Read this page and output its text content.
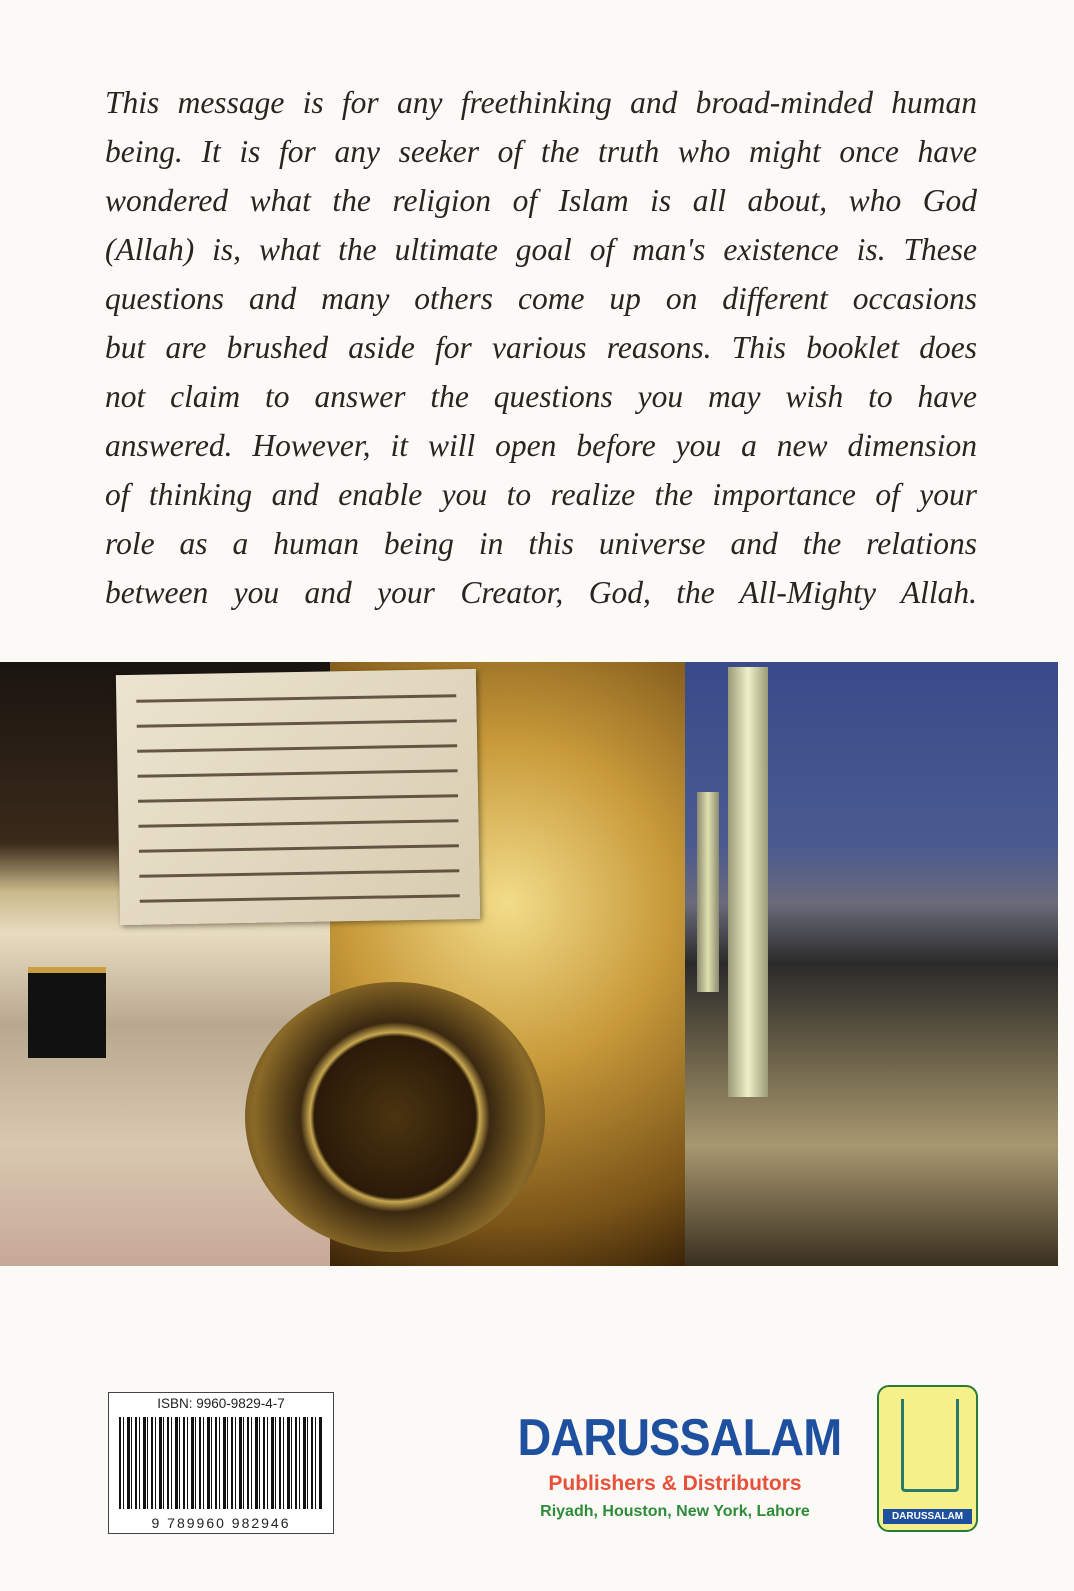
This message is for any freethinking and broad-minded human
being. It is for any seeker of the truth who might once have
wondered what the religion of Islam is all about, who God
(Allah) is, what the ultimate goal of man's existence is. These
questions and many others come up on different occasions
but are brushed aside for various reasons. This booklet does
not claim to answer the questions you may wish to have
answered. However, it will open before you a new dimension
of thinking and enable you to realize the importance of your
role as a human being in this universe and the relations
between you and your Creator, God, the All-Mighty Allah.
ISBN: 9960-9829-4-7
9 789960 982946
DARUSSALAM
Publishers & Distributors
Riyadh, Houston, New York, Lahore	DARUSSALAM
